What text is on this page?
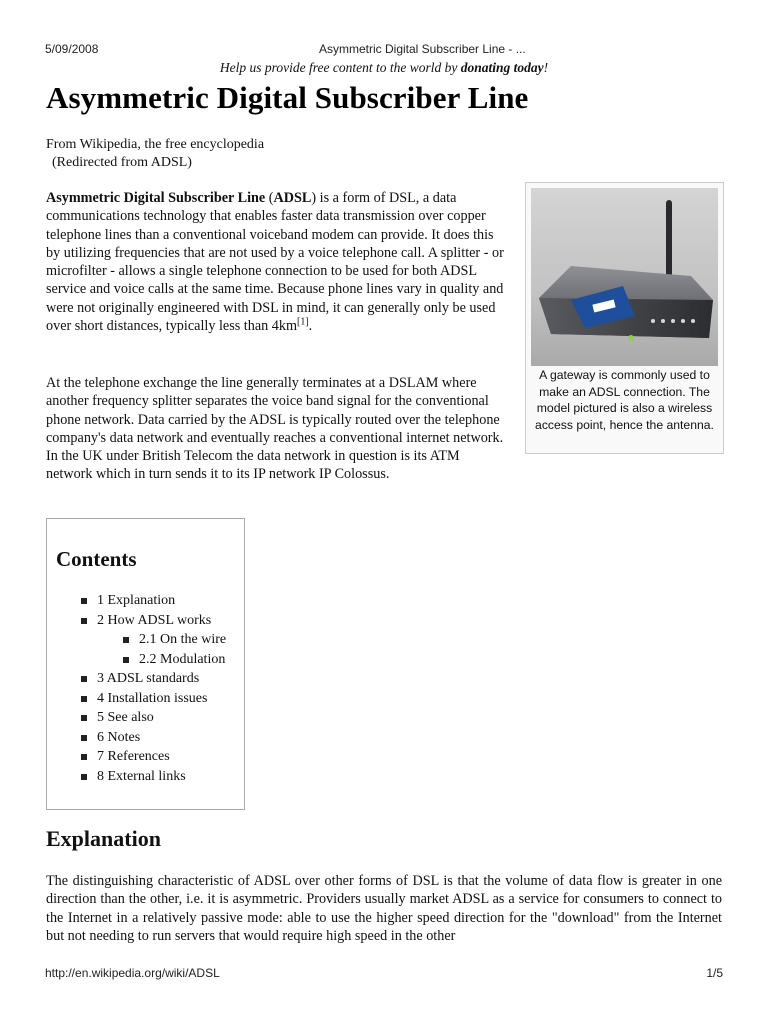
5/09/2008	Asymmetric Digital Subscriber Line - ...
Help us provide free content to the world by donating today!
Asymmetric Digital Subscriber Line
From Wikipedia, the free encyclopedia
(Redirected from ADSL)

Asymmetric Digital Subscriber Line (ADSL) is a form of DSL, a data communications technology that enables faster data transmission over copper telephone lines than a conventional voiceband modem can provide. It does this by utilizing frequencies that are not used by a voice telephone call. A splitter - or microfilter - allows a single telephone connection to be used for both ADSL service and voice calls at the same time. Because phone lines vary in quality and were not originally engineered with DSL in mind, it can generally only be used over short distances, typically less than 4km[1].

At the telephone exchange the line generally terminates at a DSLAM where another frequency splitter separates the voice band signal for the conventional phone network. Data carried by the ADSL is typically routed over the telephone company's data network and eventually reaches a conventional internet network. In the UK under British Telecom the data network in question is its ATM network which in turn sends it to its IP network IP Colossus.

A gateway is commonly used to make an ADSL connection. The model pictured is also a wireless access point, hence the antenna.
Contents
1 Explanation
2 How ADSL works
2.1 On the wire
2.2 Modulation
3 ADSL standards
4 Installation issues
5 See also
6 Notes
7 References
8 External links
Explanation

The distinguishing characteristic of ADSL over other forms of DSL is that the volume of data flow is greater in one direction than the other, i.e. it is asymmetric. Providers usually market ADSL as a service for consumers to connect to the Internet in a relatively passive mode: able to use the higher speed direction for the "download" from the Internet but not needing to run servers that would require high speed in the other

http://en.wikipedia.org/wiki/ADSL	1/5
